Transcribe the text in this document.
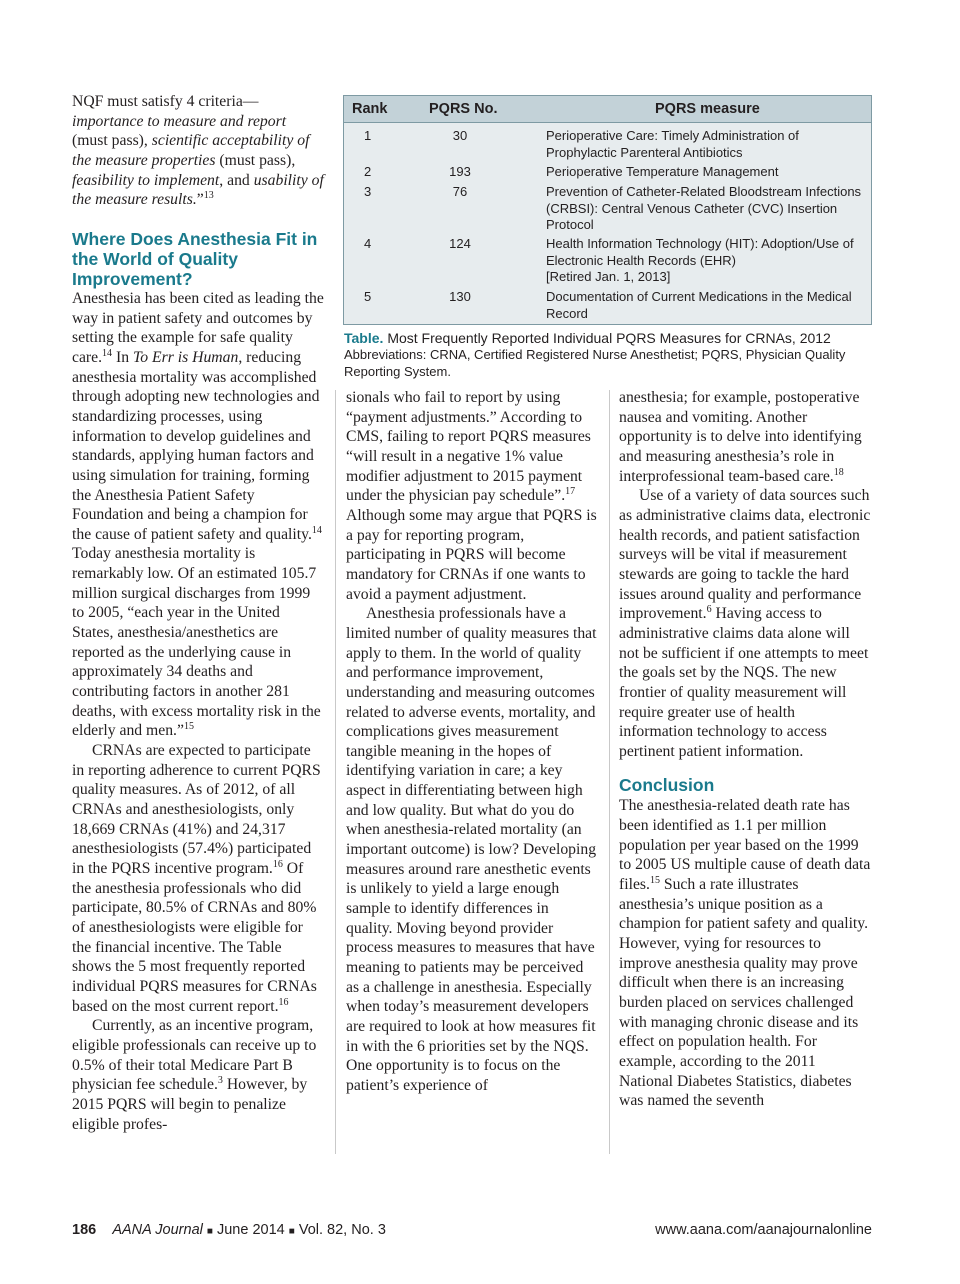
NQF must satisfy 4 criteria—importance to measure and report (must pass), scientific acceptability of the measure properties (must pass), feasibility to implement, and usability of the measure results.”$^{13}$

Where Does Anesthesia Fit in the World of Quality Improvement?

Anesthesia has been cited as leading the way in patient safety and outcomes by setting the example for safe quality care.$^{14}$ In To Err is Human, reducing anesthesia mortality was accomplished through adopting new technologies and standardizing processes, using information to develop guidelines and standards, applying human factors and using simulation for training, forming the Anesthesia Patient Safety Foundation and being a champion for the cause of patient safety and quality.$^{14}$ Today anesthesia mortality is remarkably low. Of an estimated 105.7 million surgical discharges from 1999 to 2005, “each year in the United States, anesthesia/anesthetics are reported as the underlying cause in approximately 34 deaths and contributing factors in another 281 deaths, with excess mortality risk in the elderly and men.”$^{15}$

CRNAs are expected to participate in reporting adherence to current PQRS quality measures. As of 2012, of all CRNAs and anesthesiologists, only 18,669 CRNAs (41%) and 24,317 anesthesiologists (57.4%) participated in the PQRS incentive program.$^{16}$ Of the anesthesia professionals who did participate, 80.5% of CRNAs and 80% of anesthesiologists were eligible for the financial incentive. The Table shows the 5 most frequently reported individual PQRS measures for CRNAs based on the most current report.$^{16}$

Currently, as an incentive program, eligible professionals can receive up to 0.5% of their total Medicare Part B physician fee schedule.$^3$ However, by 2015 PQRS will begin to penalize eligible profes-

Rank	PQRS No.	PQRS measure
1	30	Perioperative Care: Timely Administration of Prophylactic Parenteral Antibiotics
2	193	Perioperative Temperature Management
3	76	Prevention of Catheter-Related Bloodstream Infections (CRBSI): Central Venous Catheter (CVC) Insertion Protocol
4	124	Health Information Technology (HIT): Adoption/Use of Electronic Health Records (EHR)
[Retired Jan. 1, 2013]
5	130	Documentation of Current Medications in the Medical Record
Table. Most Frequently Reported Individual PQRS Measures for CRNAs, 2012
Abbreviations: CRNA, Certified Registered Nurse Anesthetist; PQRS, Physician Quality Reporting System.

sionals who fail to report by using “payment adjustments.” According to CMS, failing to report PQRS measures “will result in a negative 1% value modifier adjustment to 2015 payment under the physician pay schedule”.$^{17}$ Although some may argue that PQRS is a pay for reporting program, participating in PQRS will become mandatory for CRNAs if one wants to avoid a payment adjustment.

Anesthesia professionals have a limited number of quality measures that apply to them. In the world of quality and performance improvement, understanding and measuring outcomes related to adverse events, mortality, and complications gives measurement tangible meaning in the hopes of identifying variation in care; a key aspect in differentiating between high and low quality. But what do you do when anesthesia-related mortality (an important outcome) is low? Developing measures around rare anesthetic events is unlikely to yield a large enough sample to identify differences in quality. Moving beyond provider process measures to measures that have meaning to patients may be perceived as a challenge in anesthesia. Especially when today’s measurement developers are required to look at how measures fit in with the 6 priorities set by the NQS. One opportunity is to focus on the patient’s experience of

anesthesia; for example, postoperative nausea and vomiting. Another opportunity is to delve into identifying and measuring anesthesia’s role in interprofessional team-based care.$^{18}$

Use of a variety of data sources such as administrative claims data, electronic health records, and patient satisfaction surveys will be vital if measurement stewards are going to tackle the hard issues around quality and performance improvement.$^6$ Having access to administrative claims data alone will not be sufficient if one attempts to meet the goals set by the NQS. The new frontier of quality measurement will require greater use of health information technology to access pertinent patient information.

Conclusion

The anesthesia-related death rate has been identified as 1.1 per million population per year based on the 1999 to 2005 US multiple cause of death data files.$^{15}$ Such a rate illustrates anesthesia’s unique position as a champion for patient safety and quality. However, vying for resources to improve anesthesia quality may prove difficult when there is an increasing burden placed on services challenged with managing chronic disease and its effect on population health. For example, according to the 2011 National Diabetes Statistics, diabetes was named the seventh

186 AANA Journal ■ June 2014 ■ Vol. 82, No. 3	www.aana.com/aanajournalonline
